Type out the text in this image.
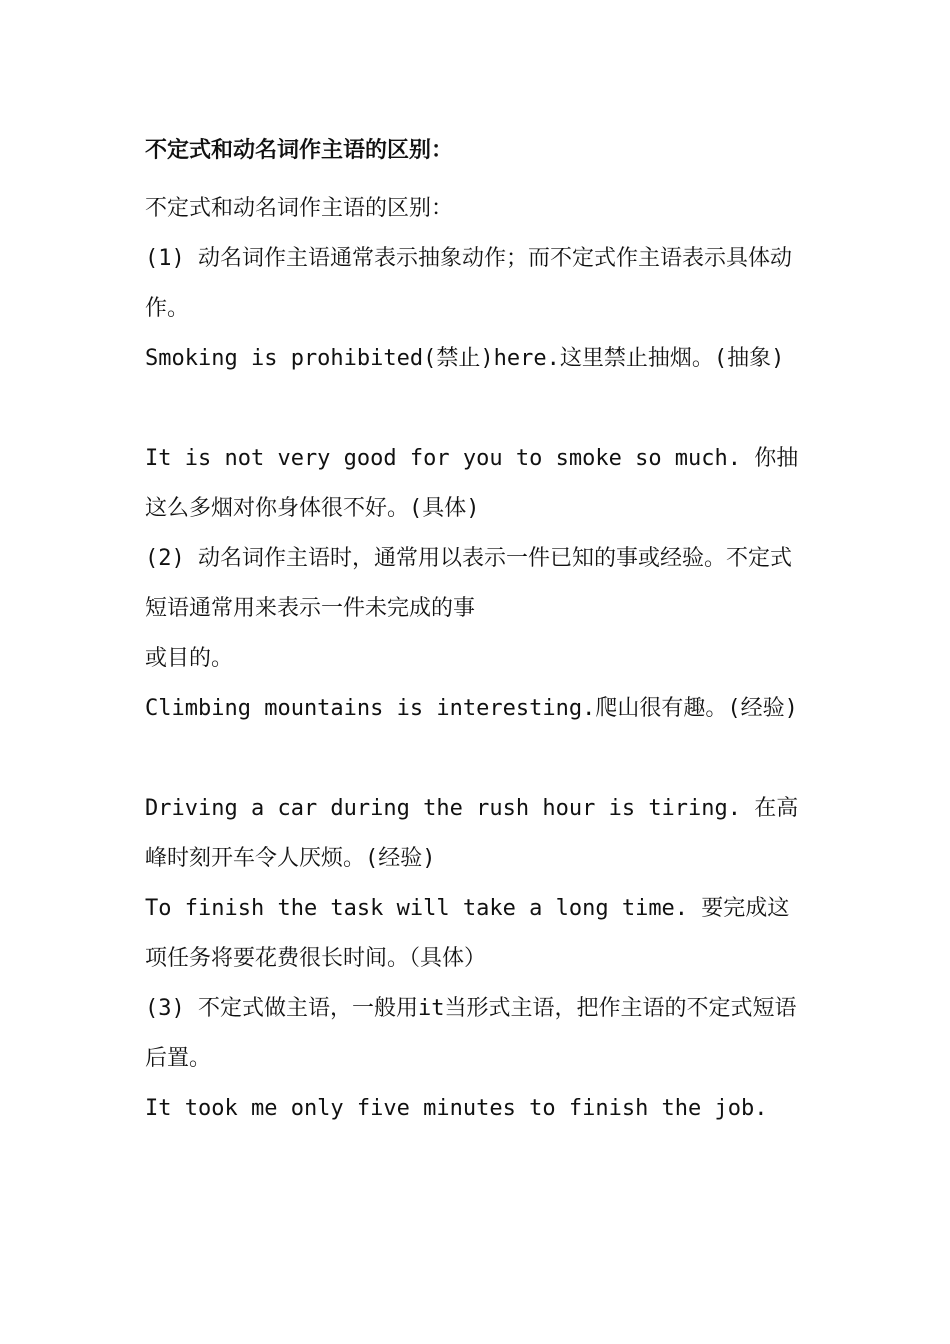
不定式和动名词作主语的区别：

不定式和动名词作主语的区别：

(1) 动名词作主语通常表示抽象动作；而不定式作主语表示具体动作。

Smoking is prohibited(禁止)here.这里禁止抽烟。(抽象)

It is not very good for you to smoke so much. 你抽这么多烟对你身体很不好。(具体)

(2) 动名词作主语时，通常用以表示一件已知的事或经验。不定式短语通常用来表示一件未完成的事

或目的。

Climbing mountains is interesting.爬山很有趣。(经验)

Driving a car during the rush hour is tiring. 在高峰时刻开车令人厌烦。(经验)

To finish the task will take a long time. 要完成这项任务将要花费很长时间。（具体）

(3) 不定式做主语，一般用it当形式主语，把作主语的不定式短语后置。

It took me only five minutes to finish the job.
